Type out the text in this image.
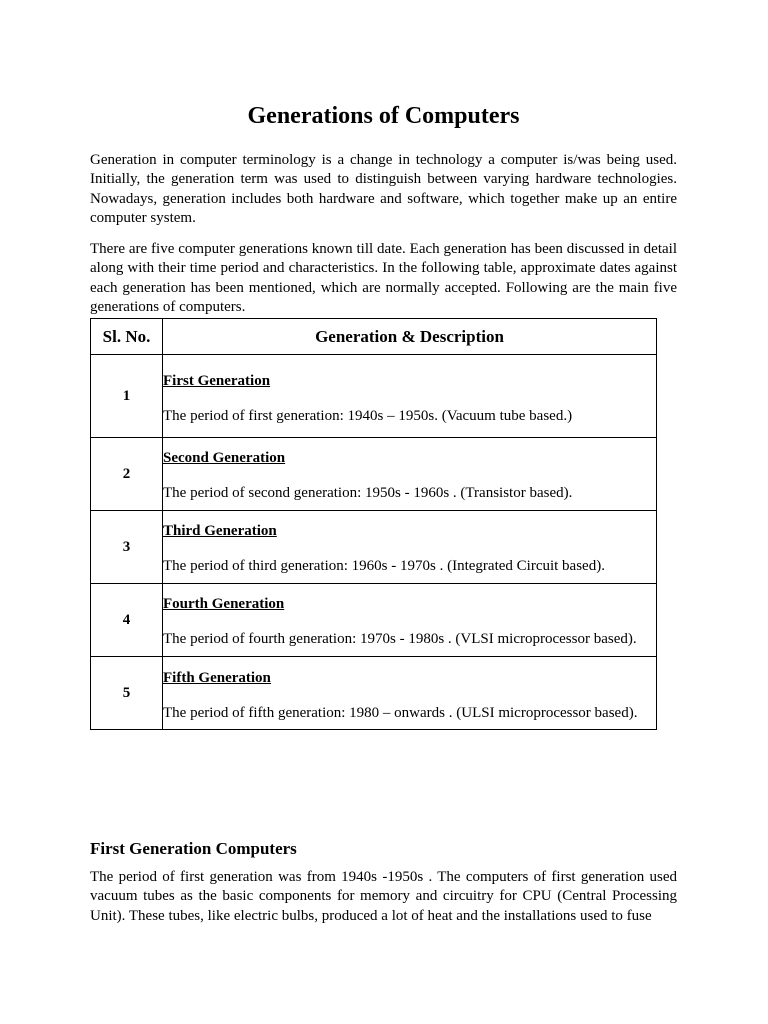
Generations of Computers

Generation in computer terminology is a change in technology a computer is/was being used. Initially, the generation term was used to distinguish between varying hardware technologies. Nowadays, generation includes both hardware and software, which together make up an entire computer system.

There are five computer generations known till date. Each generation has been discussed in detail along with their time period and characteristics. In the following table, approximate dates against each generation has been mentioned, which are normally accepted. Following are the main five generations of computers.

Sl. No.	Generation & Description
1	First Generation
The period of first generation: 1940s – 1950s. (Vacuum tube based.)

2	Second Generation
The period of second generation: 1950s - 1960s . (Transistor based).

3	Third Generation
The period of third generation: 1960s - 1970s . (Integrated Circuit based).

4	Fourth Generation
The period of fourth generation: 1970s - 1980s . (VLSI microprocessor based).

5	Fifth Generation
The period of fifth generation: 1980 – onwards . (ULSI microprocessor based).
First Generation Computers

The period of first generation was from 1940s -1950s . The computers of first generation used vacuum tubes as the basic components for memory and circuitry for CPU (Central Processing Unit). These tubes, like electric bulbs, produced a lot of heat and the installations used to fuse
